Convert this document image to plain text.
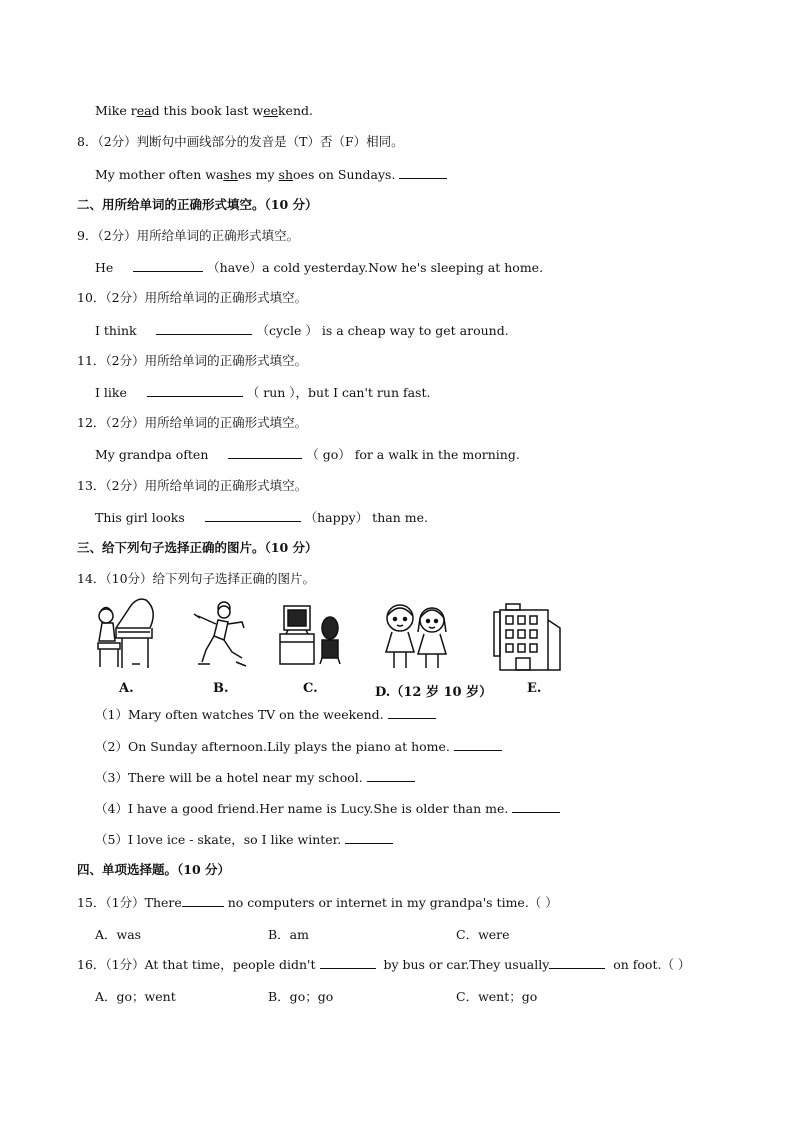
Mike read this book last weekend.
8．（2分）判断句中画线部分的发音是（T）否（F）相同。
My mother often washes my shoes on Sundays.
二、用所给单词的正确形式填空。（10 分）
9．（2分）用所给单词的正确形式填空。
He	（have）a cold yesterday.Now he's sleeping at home.
10．（2分）用所给单词的正确形式填空。
I think	（cycle ） is a cheap way to get around.
11．（2分）用所给单词的正确形式填空。
I like	（ run ），but I can't run fast.
12．（2分）用所给单词的正确形式填空。
My grandpa often	（ go） for a walk in the morning.
13．（2分）用所给单词的正确形式填空。
This girl looks	（happy） than me.
三、给下列句子选择正确的图片。（10 分）
14．（10分）给下列句子选择正确的图片。
A.	B.	C.	D.（12 岁 10 岁）	E.
（1）Mary often watches TV on the weekend.
（2）On Sunday afternoon.Lily plays the piano at home.
（3）There will be a hotel near my school.
（4）I have a good friend.Her name is Lucy.She is older than me.
（5）I love ice - skate，so I like winter.
四、单项选择题。（10 分）
15．（1分）There	no computers or internet in my grandpa's time.（ ）
A．was	B．am	C．were
16．（1分）At that time，people didn't	by bus or car.They usually	on foot.（ ）
A．go；went	B．go；go	C．went；go
